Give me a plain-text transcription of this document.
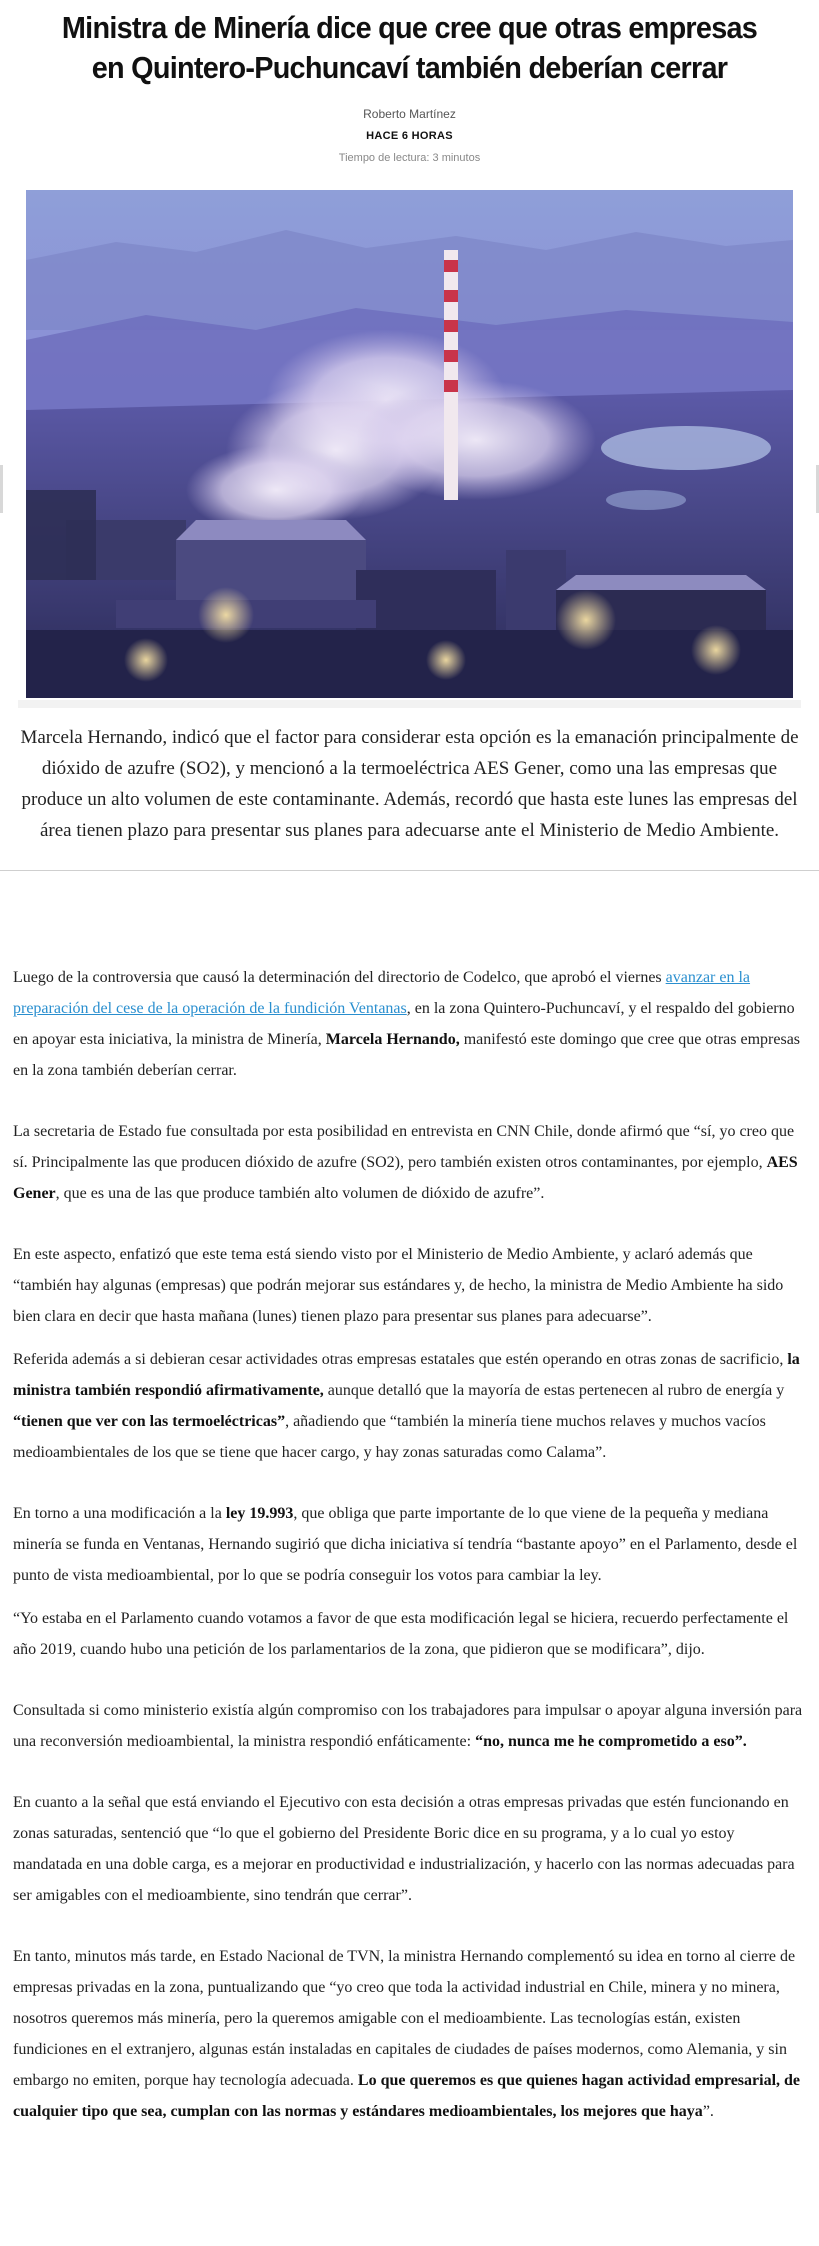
Ministra de Minería dice que cree que otras empresas en Quintero-Puchuncaví también deberían cerrar
Roberto Martínez
HACE 6 HORAS
Tiempo de lectura: 3 minutos

Marcela Hernando, indicó que el factor para considerar esta opción es la emanación principalmente de dióxido de azufre (SO2), y mencionó a la termoeléctrica AES Gener, como una las empresas que produce un alto volumen de este contaminante. Además, recordó que hasta este lunes las empresas del área tienen plazo para presentar sus planes para adecuarse ante el Ministerio de Medio Ambiente.

Luego de la controversia que causó la determinación del directorio de Codelco, que aprobó el viernes avanzar en la preparación del cese de la operación de la fundición Ventanas, en la zona Quintero-Puchuncaví, y el respaldo del gobierno en apoyar esta iniciativa, la ministra de Minería, Marcela Hernando, manifestó este domingo que cree que otras empresas en la zona también deberían cerrar.

La secretaria de Estado fue consultada por esta posibilidad en entrevista en CNN Chile, donde afirmó que “sí, yo creo que sí. Principalmente las que producen dióxido de azufre (SO2), pero también existen otros contaminantes, por ejemplo, AES Gener, que es una de las que produce también alto volumen de dióxido de azufre”.

En este aspecto, enfatizó que este tema está siendo visto por el Ministerio de Medio Ambiente, y aclaró además que “también hay algunas (empresas) que podrán mejorar sus estándares y, de hecho, la ministra de Medio Ambiente ha sido bien clara en decir que hasta mañana (lunes) tienen plazo para presentar sus planes para adecuarse”.

Referida además a si debieran cesar actividades otras empresas estatales que estén operando en otras zonas de sacrificio, la ministra también respondió afirmativamente, aunque detalló que la mayoría de estas pertenecen al rubro de energía y “tienen que ver con las termoeléctricas”, añadiendo que “también la minería tiene muchos relaves y muchos vacíos medioambientales de los que se tiene que hacer cargo, y hay zonas saturadas como Calama”.

En torno a una modificación a la ley 19.993, que obliga que parte importante de lo que viene de la pequeña y mediana minería se funda en Ventanas, Hernando sugirió que dicha iniciativa sí tendría “bastante apoyo” en el Parlamento, desde el punto de vista medioambiental, por lo que se podría conseguir los votos para cambiar la ley.

“Yo estaba en el Parlamento cuando votamos a favor de que esta modificación legal se hiciera, recuerdo perfectamente el año 2019, cuando hubo una petición de los parlamentarios de la zona, que pidieron que se modificara”, dijo.

Consultada si como ministerio existía algún compromiso con los trabajadores para impulsar o apoyar alguna inversión para una reconversión medioambiental, la ministra respondió enfáticamente: “no, nunca me he comprometido a eso”.

En cuanto a la señal que está enviando el Ejecutivo con esta decisión a otras empresas privadas que estén funcionando en zonas saturadas, sentenció que “lo que el gobierno del Presidente Boric dice en su programa, y a lo cual yo estoy mandatada en una doble carga, es a mejorar en productividad e industrialización, y hacerlo con las normas adecuadas para ser amigables con el medioambiente, sino tendrán que cerrar”.

En tanto, minutos más tarde, en Estado Nacional de TVN, la ministra Hernando complementó su idea en torno al cierre de empresas privadas en la zona, puntualizando que “yo creo que toda la actividad industrial en Chile, minera y no minera, nosotros queremos más minería, pero la queremos amigable con el medioambiente. Las tecnologías están, existen fundiciones en el extranjero, algunas están instaladas en capitales de ciudades de países modernos, como Alemania, y sin embargo no emiten, porque hay tecnología adecuada. Lo que queremos es que quienes hagan actividad empresarial, de cualquier tipo que sea, cumplan con las normas y estándares medioambientales, los mejores que haya”.
